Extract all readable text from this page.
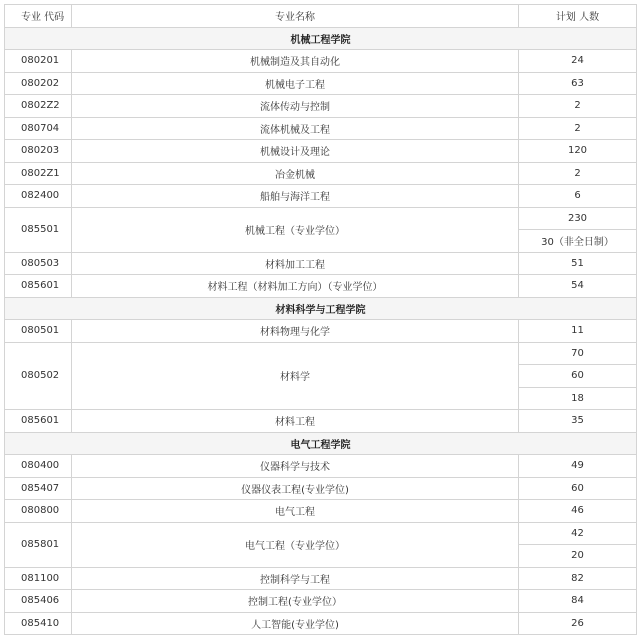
专业 代码	专业名称	计划 人数
机械工程学院		
080201	机械制造及其自动化	24
080202	机械电子工程	63
0802Z2	流体传动与控制	2
080704	流体机械及工程	2
080203	机械设计及理论	120
0802Z1	冶金机械	2
082400	船舶与海洋工程	6
085501	机械工程（专业学位）	230
		30（非全日制）
080503	材料加工工程	51
085601	材料工程（材料加工方向）（专业学位）	54
材料科学与工程学院		
080501	材料物理与化学	11
080502	材料学	70
		60
		18
085601	材料工程	35
电气工程学院		
080400	仪器科学与技术	49
085407	仪器仪表工程(专业学位)	60
080800	电气工程	46
085801	电气工程（专业学位）	42
		20
081100	控制科学与工程	82
085406	控制工程(专业学位）	84
085410	人工智能(专业学位)	26
